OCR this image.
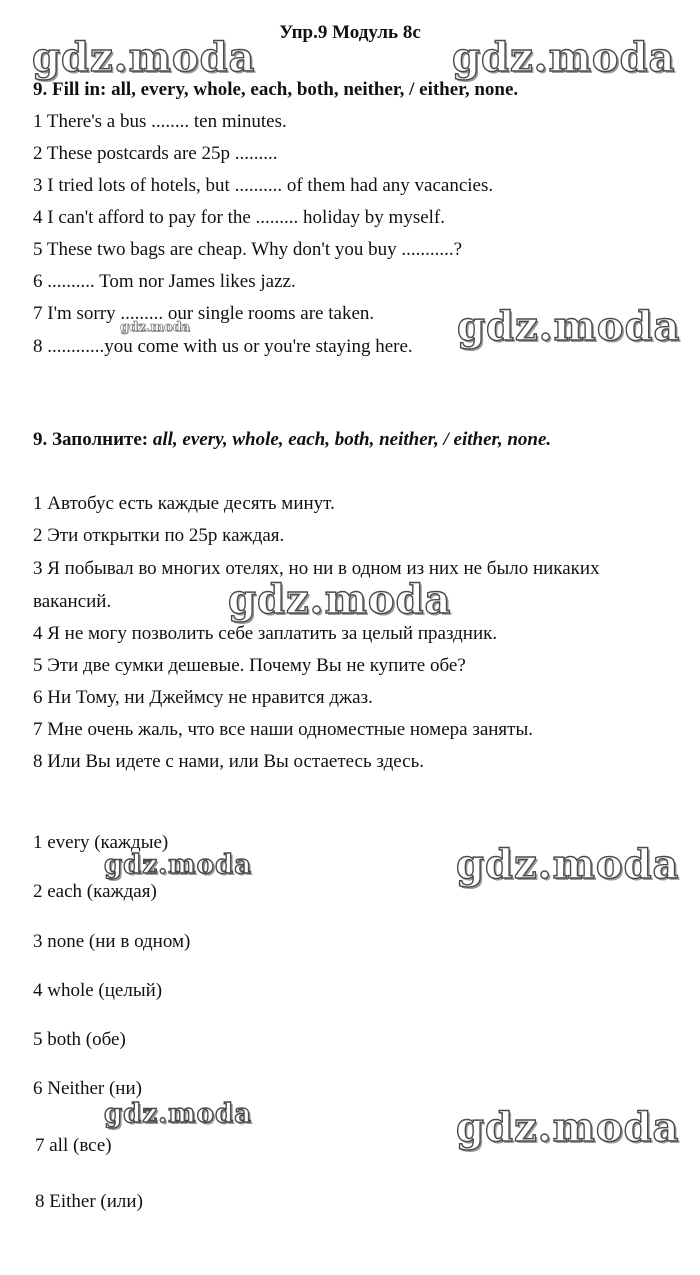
Упр.9 Модуль 8с
9. Fill in: all, every, whole, each, both, neither, / either, none.
1 There's a bus ........ ten minutes.
2 These postcards are 25p .........
3 I tried lots of hotels, but .......... of them had any vacancies.
4 I can't afford to pay for the ......... holiday by myself.
5 These two bags are cheap. Why don't you buy ...........?
6 .......... Tom nor James likes jazz.
7 I'm sorry ......... our single rooms are taken.
8 ............you come with us or you're staying here.
9. Заполните: all, every, whole, each, both, neither, / either, none.
1 Автобус есть каждые десять минут.
2 Эти открытки по 25р каждая.
3 Я побывал во многих отелях, но ни в одном из них не было никаких
вакансий.
4 Я не могу позволить себе заплатить за целый праздник.
5 Эти две сумки дешевые. Почему Вы не купите обе?
6 Ни Тому, ни Джеймсу не нравится джаз.
7 Мне очень жаль, что все наши одноместные номера заняты.
8 Или Вы идете с нами, или Вы остаетесь здесь.
1 every (каждые)
2 each (каждая)
3 none (ни в одном)
4 whole (целый)
5 both (обе)
6 Neither (ни)
7 all (все)
8 Either (или)
gdz.moda	gdz.moda
gdz.moda	gdz.moda
gdz.moda
gdz.moda	gdz.moda
gdz.moda	gdz.moda
